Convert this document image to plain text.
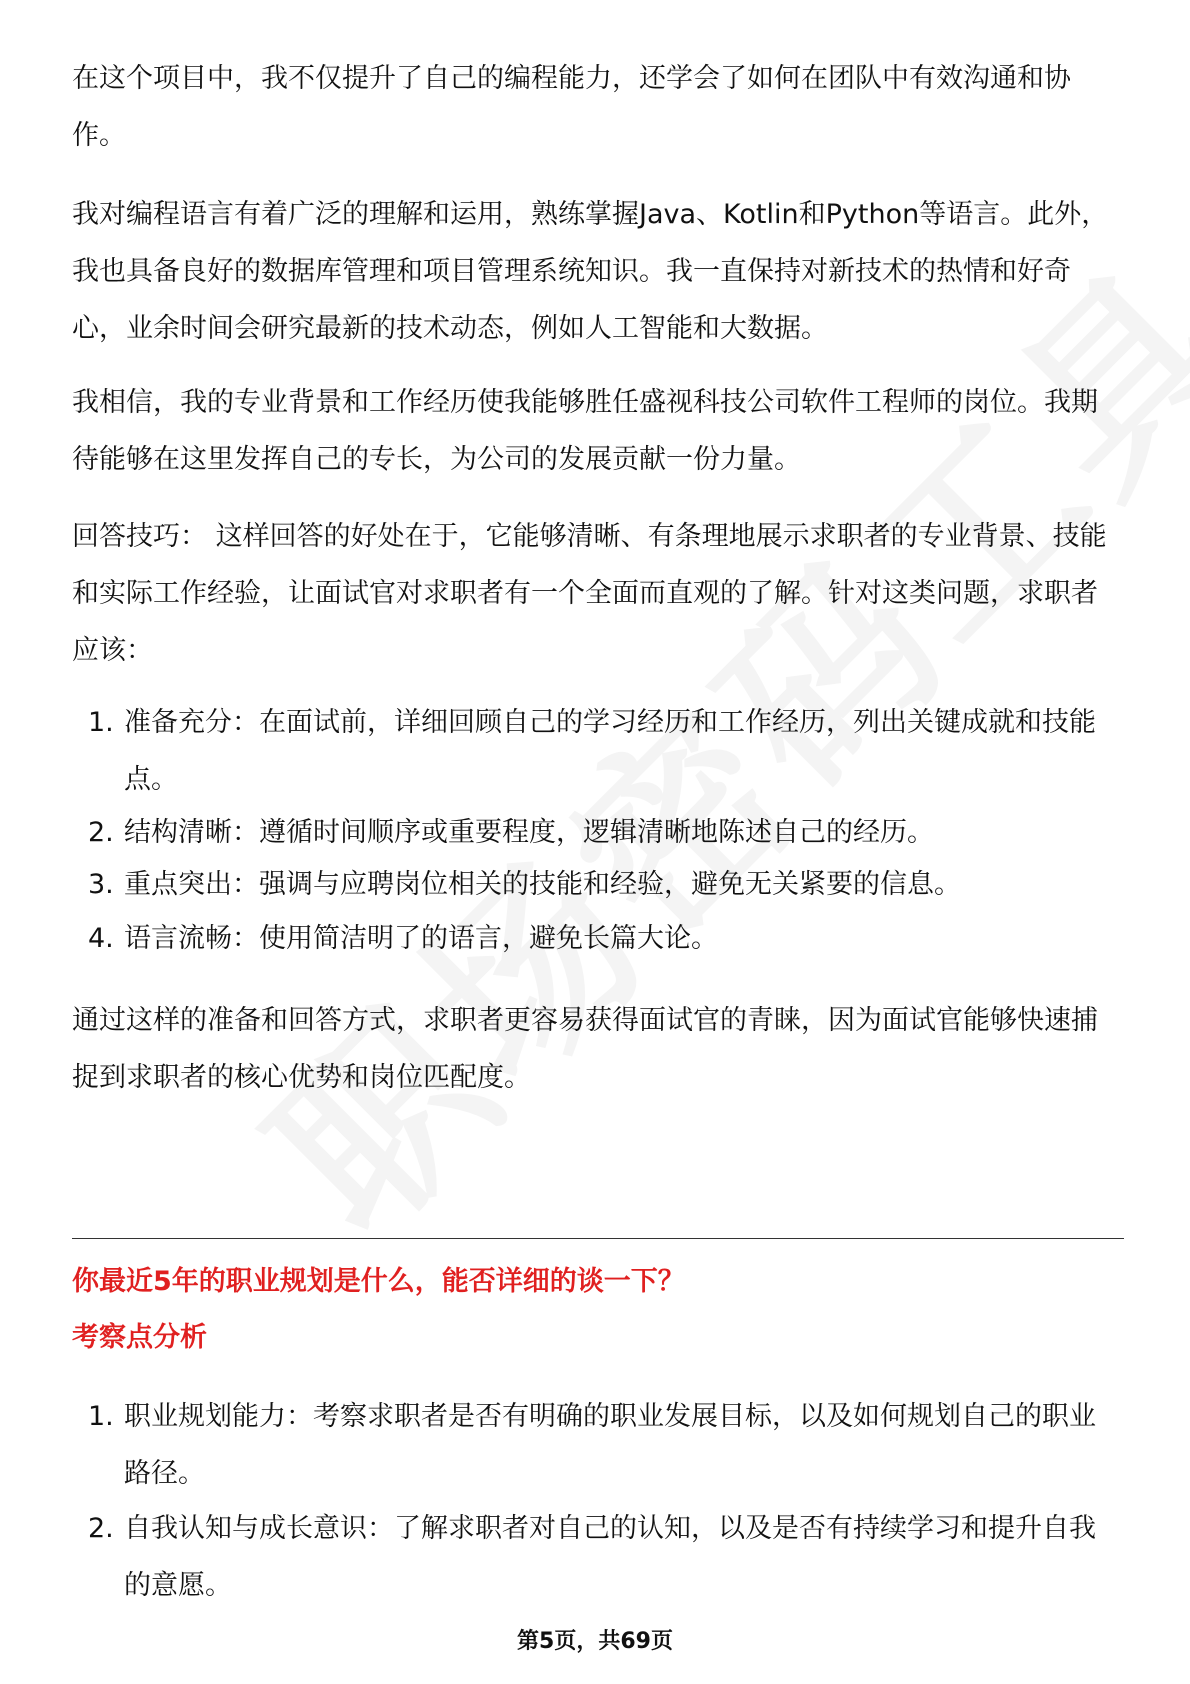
在这个项目中，我不仅提升了自己的编程能力，还学会了如何在团队中有效沟通和协作。

我对编程语言有着广泛的理解和运用，熟练掌握Java、Kotlin和Python等语言。此外，我也具备良好的数据库管理和项目管理系统知识。我一直保持对新技术的热情和好奇心，业余时间会研究最新的技术动态，例如人工智能和大数据。

我相信，我的专业背景和工作经历使我能够胜任盛视科技公司软件工程师的岗位。我期待能够在这里发挥自己的专长，为公司的发展贡献一份力量。

回答技巧： 这样回答的好处在于，它能够清晰、有条理地展示求职者的专业背景、技能和实际工作经验，让面试官对求职者有一个全面而直观的了解。针对这类问题，求职者应该：

1. 准备充分：在面试前，详细回顾自己的学习经历和工作经历，列出关键成就和技能点。
2. 结构清晰：遵循时间顺序或重要程度，逻辑清晰地陈述自己的经历。
3. 重点突出：强调与应聘岗位相关的技能和经验，避免无关紧要的信息。
4. 语言流畅：使用简洁明了的语言，避免长篇大论。

通过这样的准备和回答方式，求职者更容易获得面试官的青睐，因为面试官能够快速捕捉到求职者的核心优势和岗位匹配度。

你最近5年的职业规划是什么，能否详细的谈一下？
考察点分析
1. 职业规划能力：考察求职者是否有明确的职业发展目标，以及如何规划自己的职业路径。
2. 自我认知与成长意识：了解求职者对自己的认知，以及是否有持续学习和提升自我的意愿。
第5页，共69页
